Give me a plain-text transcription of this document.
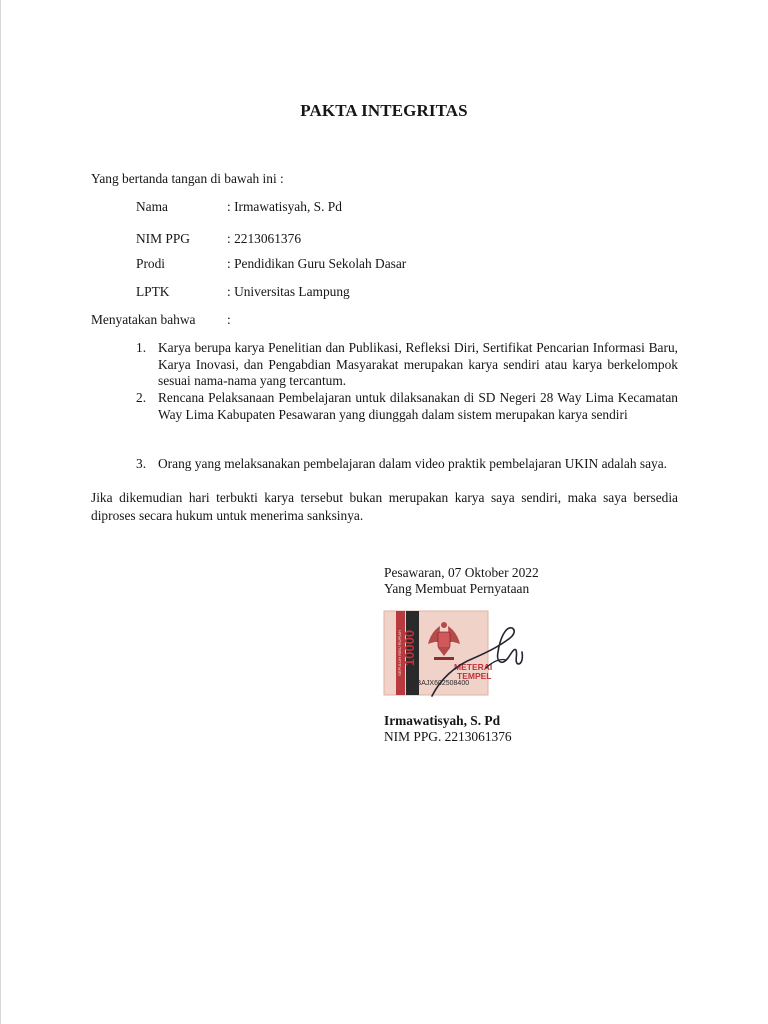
PAKTA INTEGRITAS
Yang bertanda tangan di bawah ini :
Nama	: Irmawatisyah, S. Pd
NIM PPG	: 2213061376
Prodi	: Pendidikan Guru Sekolah Dasar
LPTK	: Universitas Lampung
Menyatakan bahwa :
1. Karya berupa karya Penelitian dan Publikasi, Refleksi Diri, Sertifikat Pencarian Informasi Baru, Karya Inovasi, dan Pengabdian Masyarakat merupakan karya sendiri atau karya berkelompok sesuai nama-nama yang tercantum.
2. Rencana Pelaksanaan Pembelajaran untuk dilaksanakan di SD Negeri 28 Way Lima Kecamatan Way Lima Kabupaten Pesawaran yang diunggah dalam sistem merupakan karya sendiri
3. Orang yang melaksanakan pembelajaran dalam video praktik pembelajaran UKIN adalah saya.
Jika dikemudian hari terbukti karya tersebut bukan merupakan karya saya sendiri, maka saya bersedia diproses secara hukum untuk menerima sanksinya.
Pesawaran, 07 Oktober 2022
Yang Membuat Pernyataan
10000
SEPULUH RIBU RUPIAH	METERAI
TEMPEL
3KBAJX602508400
Irmawatisyah, S. Pd
NIM PPG. 2213061376
